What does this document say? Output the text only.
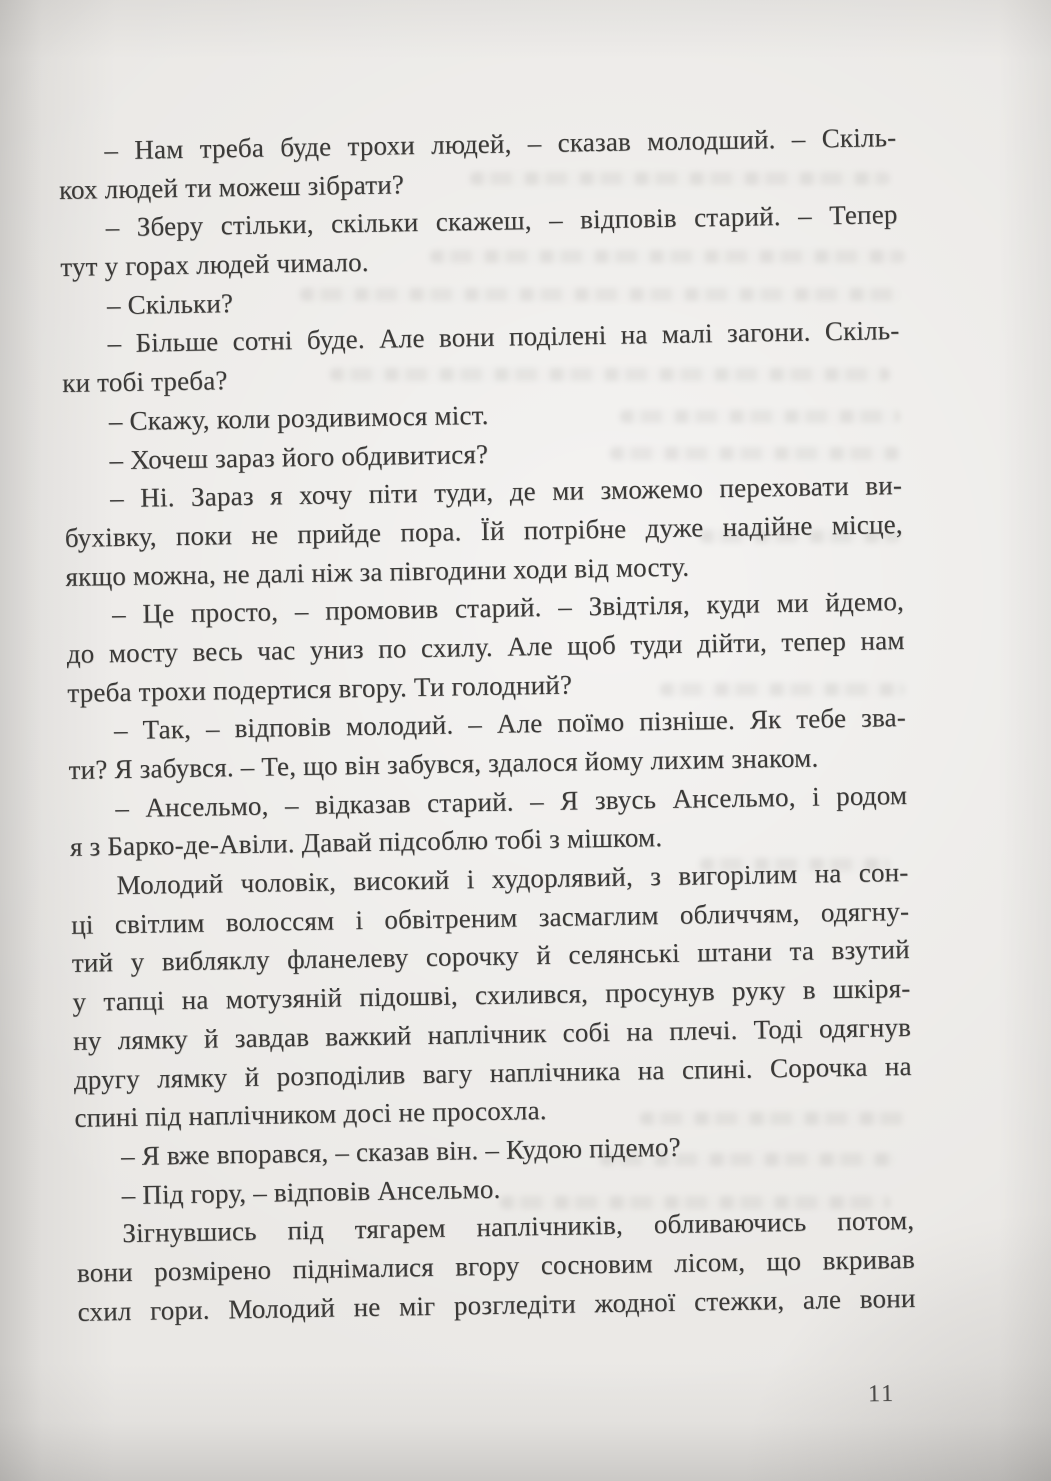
– Нам треба буде трохи людей, – сказав молодший. – Скіль-
кох людей ти можеш зібрати?
– Зберу стільки, скільки скажеш, – відповів старий. – Тепер
тут у горах людей чимало.
– Скільки?
– Більше сотні буде. Але вони поділені на малі загони. Скіль-
ки тобі треба?
– Скажу, коли роздивимося міст.
– Хочеш зараз його обдивитися?
– Ні. Зараз я хочу піти туди, де ми зможемо переховати ви-
бухівку, поки не прийде пора. Їй потрібне дуже надійне місце,
якщо можна, не далі ніж за півгодини ходи від мосту.
– Це просто, – промовив старий. – Звідтіля, куди ми йдемо,
до мосту весь час униз по схилу. Але щоб туди дійти, тепер нам
треба трохи подертися вгору. Ти голодний?
– Так, – відповів молодий. – Але поїмо пізніше. Як тебе зва-
ти? Я забувся. – Те, що він забувся, здалося йому лихим знаком.
– Ансельмо, – відказав старий. – Я звусь Ансельмо, і родом
я з Барко-де-Авіли. Давай підсоблю тобі з мішком.
Молодий чоловік, високий і худорлявий, з вигорілим на сон-
ці світлим волоссям і обвітреним засмаглим обличчям, одягну-
тий у вибляклу фланелеву сорочку й селянські штани та взутий
у тапці на мотузяній підошві, схилився, просунув руку в шкіря-
ну лямку й завдав важкий наплічник собі на плечі. Тоді одягнув
другу лямку й розподілив вагу наплічника на спині. Сорочка на
спині під наплічником досі не просохла.
– Я вже впорався, – сказав він. – Кудою підемо?
– Під гору, – відповів Ансельмо.
Зігнувшись під тягарем наплічників, обливаючись потом,
вони розмірено піднімалися вгору сосновим лісом, що вкривав
схил гори. Молодий не міг розгледіти жодної стежки, але вони
11
